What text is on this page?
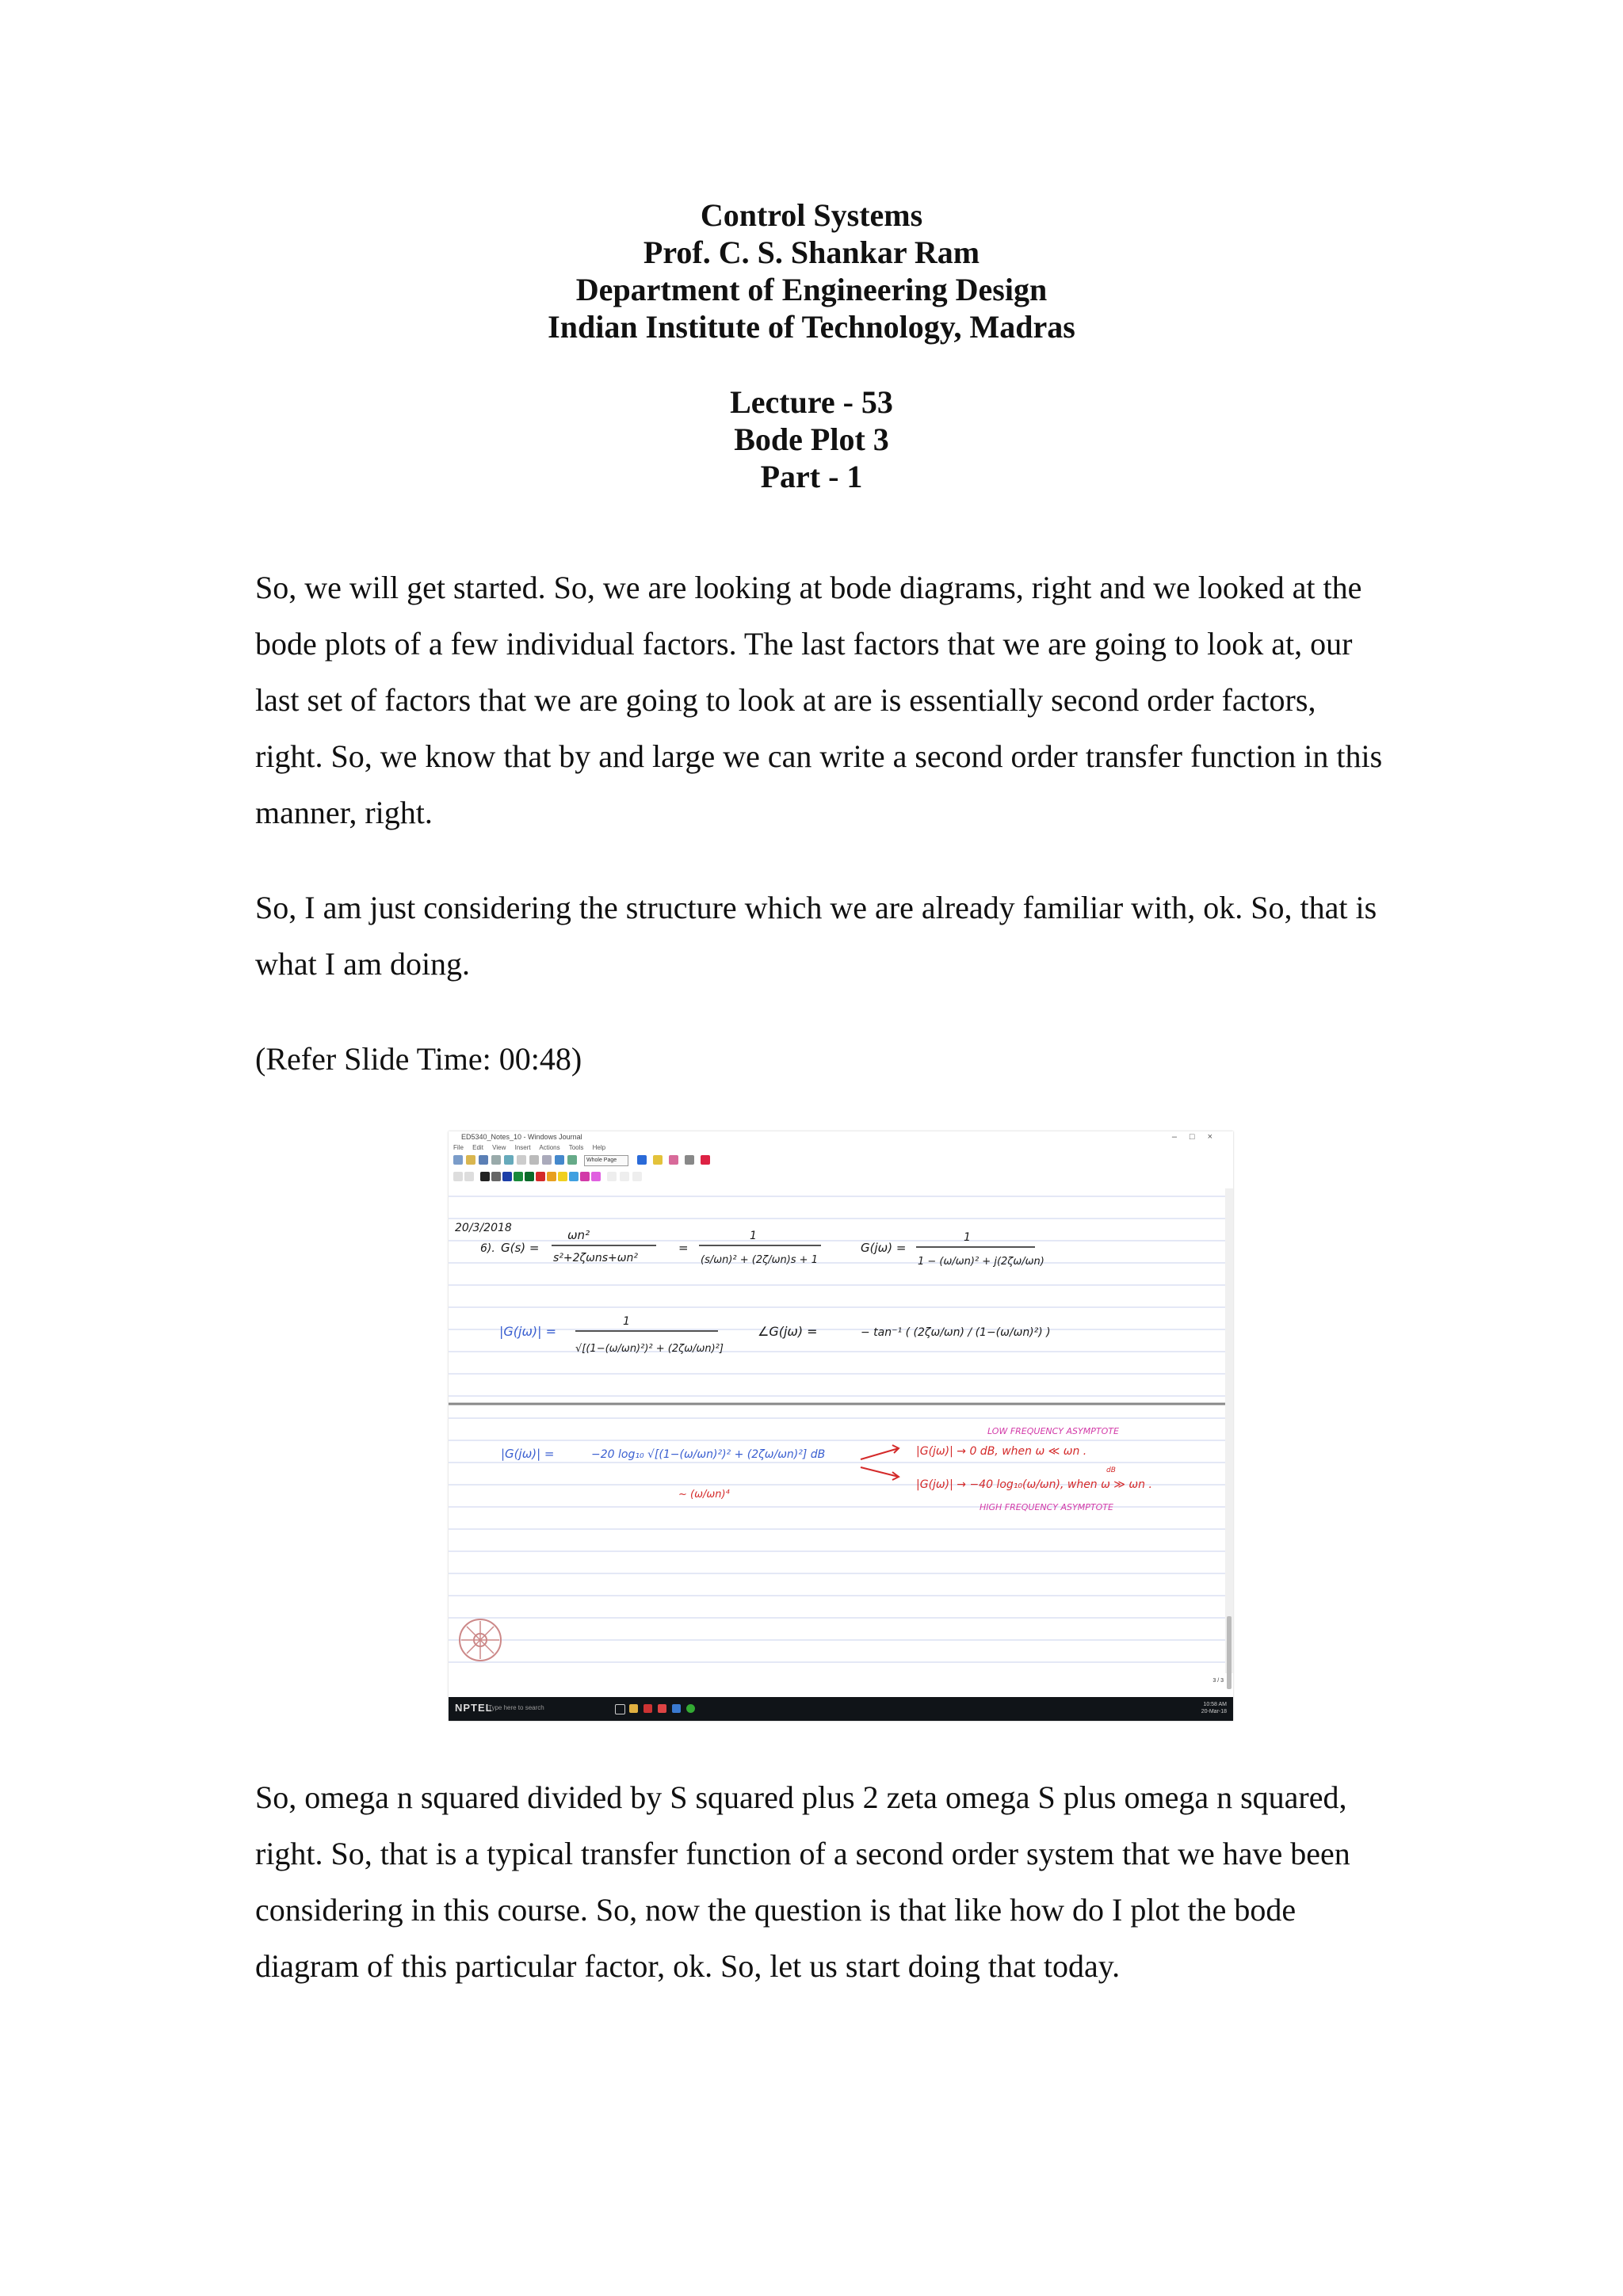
Control Systems
Prof. C. S. Shankar Ram
Department of Engineering Design
Indian Institute of Technology, Madras
Lecture - 53
Bode Plot 3
Part - 1
So, we will get started. So, we are looking at bode diagrams, right and we looked at the
bode plots of a few individual factors. The last factors that we are going to look at, our
last set of factors that we are going to look at are is essentially second order factors,
right. So, we know that by and large we can write a second order transfer function in this
manner, right.
So, I am just considering the structure which we are already familiar with, ok. So, that is
what I am doing.
(Refer Slide Time: 00:48)
ED5340_Notes_10 - Windows Journal	–□×
File Edit View Insert Actions Tools Help
Whole Page
20/3/2018
6). G(s) =
ωn²
s²+2ζωns+ωn²
=
1
(s/ωn)² + (2ζ/ωn)s + 1
G(jω) =
1
1 − (ω/ωn)² + j(2ζω/ωn)
|G(jω)| =
1
√[(1−(ω/ωn)²)² + (2ζω/ωn)²]
∠G(jω) =	− tan⁻¹ ( (2ζω/ωn) / (1−(ω/ωn)²) )
|G(jω)| =	−20 log₁₀ √[(1−(ω/ωn)²)² + (2ζω/ωn)²] dB
~ (ω/ωn)⁴
LOW FREQUENCY ASYMPTOTE
|G(jω)| → 0 dB, when ω ≪ ωn .
dB
|G(jω)| → −40 log₁₀(ω/ωn), when ω ≫ ωn .
HIGH FREQUENCY ASYMPTOTE
3 / 3
NPTEL
Type here to search	10:58 AM
20-Mar-18
So, omega n squared divided by S squared plus 2 zeta omega S plus omega n squared,
right. So, that is a typical transfer function of a second order system that we have been
considering in this course. So, now the question is that like how do I plot the bode
diagram of this particular factor, ok. So, let us start doing that today.
